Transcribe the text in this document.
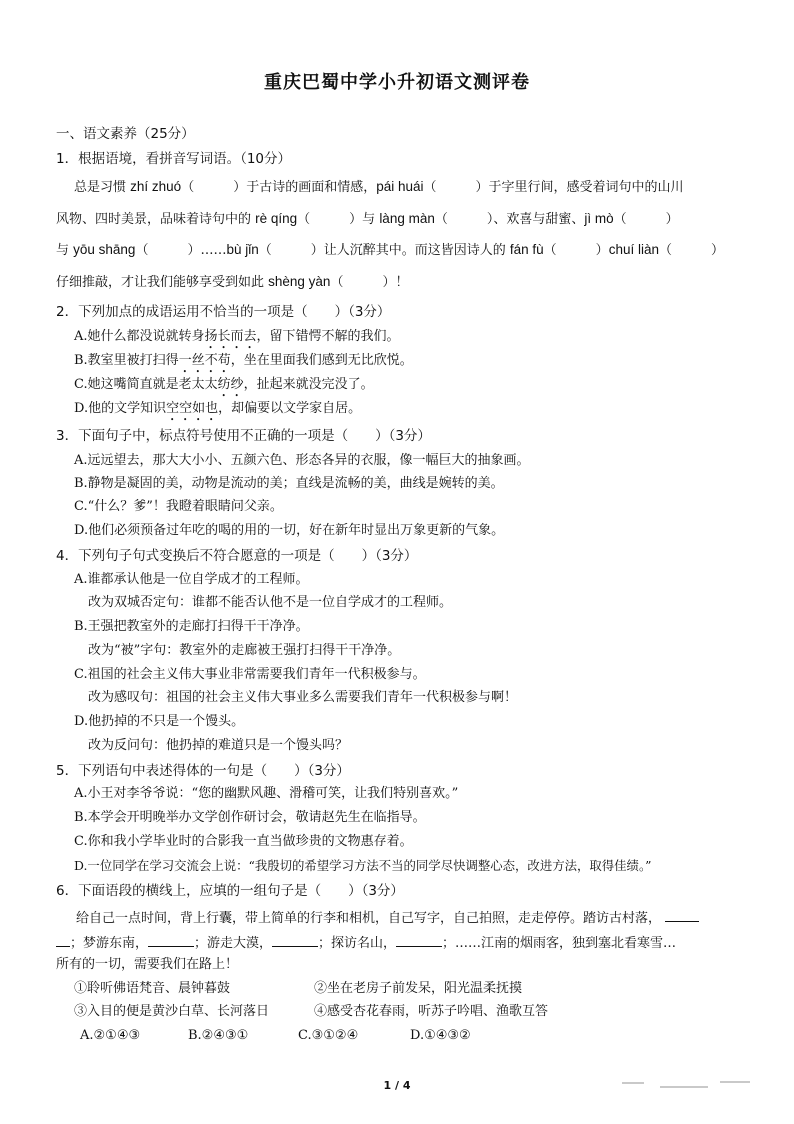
重庆巴蜀中学小升初语文测评卷
一、语文素养（25分）
1．根据语境，看拼音写词语。（10分）
总是习惯 zhí zhuó（　　　）于古诗的画面和情感，pái huái（　　　）于字里行间，感受着词句中的山川
风物、四时美景，品味着诗句中的 rè qíng（　　　）与 làng màn（　　　）、欢喜与甜蜜、jì mò（　　　）
与 yōu shāng（　　　）……bù jǐn（　　　）让人沉醉其中。而这皆因诗人的 fán fù（　　　）chuí liàn（　　　）
仔细推敲，才让我们能够享受到如此 shèng yàn（　　　）！
2．下列加点的成语运用不恰当的一项是（　　）（3分）
A.她什么都没说就转身扬长而去，留下错愕不解的我们。
B.教室里被打扫得一丝不苟，坐在里面我们感到无比欣悦。
C.她这嘴简直就是老太太纺纱，扯起来就没完没了。
D.他的文学知识空空如也，却偏要以文学家自居。
3．下面句子中，标点符号使用不正确的一项是（　　）（3分）
A.远远望去，那大大小小、五颜六色、形态各异的衣服，像一幅巨大的抽象画。
B.静物是凝固的美，动物是流动的美；直线是流畅的美，曲线是婉转的美。
C.“什么？爹”！我瞪着眼睛问父亲。
D.他们必须预备过年吃的喝的用的一切，好在新年时显出万象更新的气象。
4．下列句子句式变换后不符合愿意的一项是（　　）（3分）
A.谁都承认他是一位自学成才的工程师。
改为双城否定句：谁都不能否认他不是一位自学成才的工程师。
B.王强把教室外的走廊打扫得干干净净。
改为“被”字句：教室外的走廊被王强打扫得干干净净。
C.祖国的社会主义伟大事业非常需要我们青年一代积极参与。
改为感叹句：祖国的社会主义伟大事业多么需要我们青年一代积极参与啊！
D.他扔掉的不只是一个馒头。
改为反问句：他扔掉的难道只是一个馒头吗？
5．下列语句中表述得体的一句是（　　）（3分）
A.小王对李爷爷说：“您的幽默风趣、滑稽可笑，让我们特别喜欢。”
B.本学会开明晚举办文学创作研讨会，敬请赵先生在临指导。
C.你和我小学毕业时的合影我一直当做珍贵的文物惠存着。
D.一位同学在学习交流会上说：“我殷切的希望学习方法不当的同学尽快调整心态，改进方法，取得佳绩。”
6．下面语段的横线上，应填的一组句子是（　　）（3分）
给自己一点时间，背上行囊，带上简单的行李和相机，自己写字，自己拍照，走走停停。踏访古村落，
；梦游东南，	；游走大漠，	；探访名山，	；……江南的烟雨客，独到塞北看寒雪…
所有的一切，需要我们在路上！
①聆听佛语梵音、晨钟暮鼓	②坐在老房子前发呆，阳光温柔抚摸
③入目的便是黄沙白草、长河落日	④感受杏花春雨，听苏子吟唱、渔歌互答
A.②①④③	B.②④③①	C.③①②④	D.①④③②
1 / 4
